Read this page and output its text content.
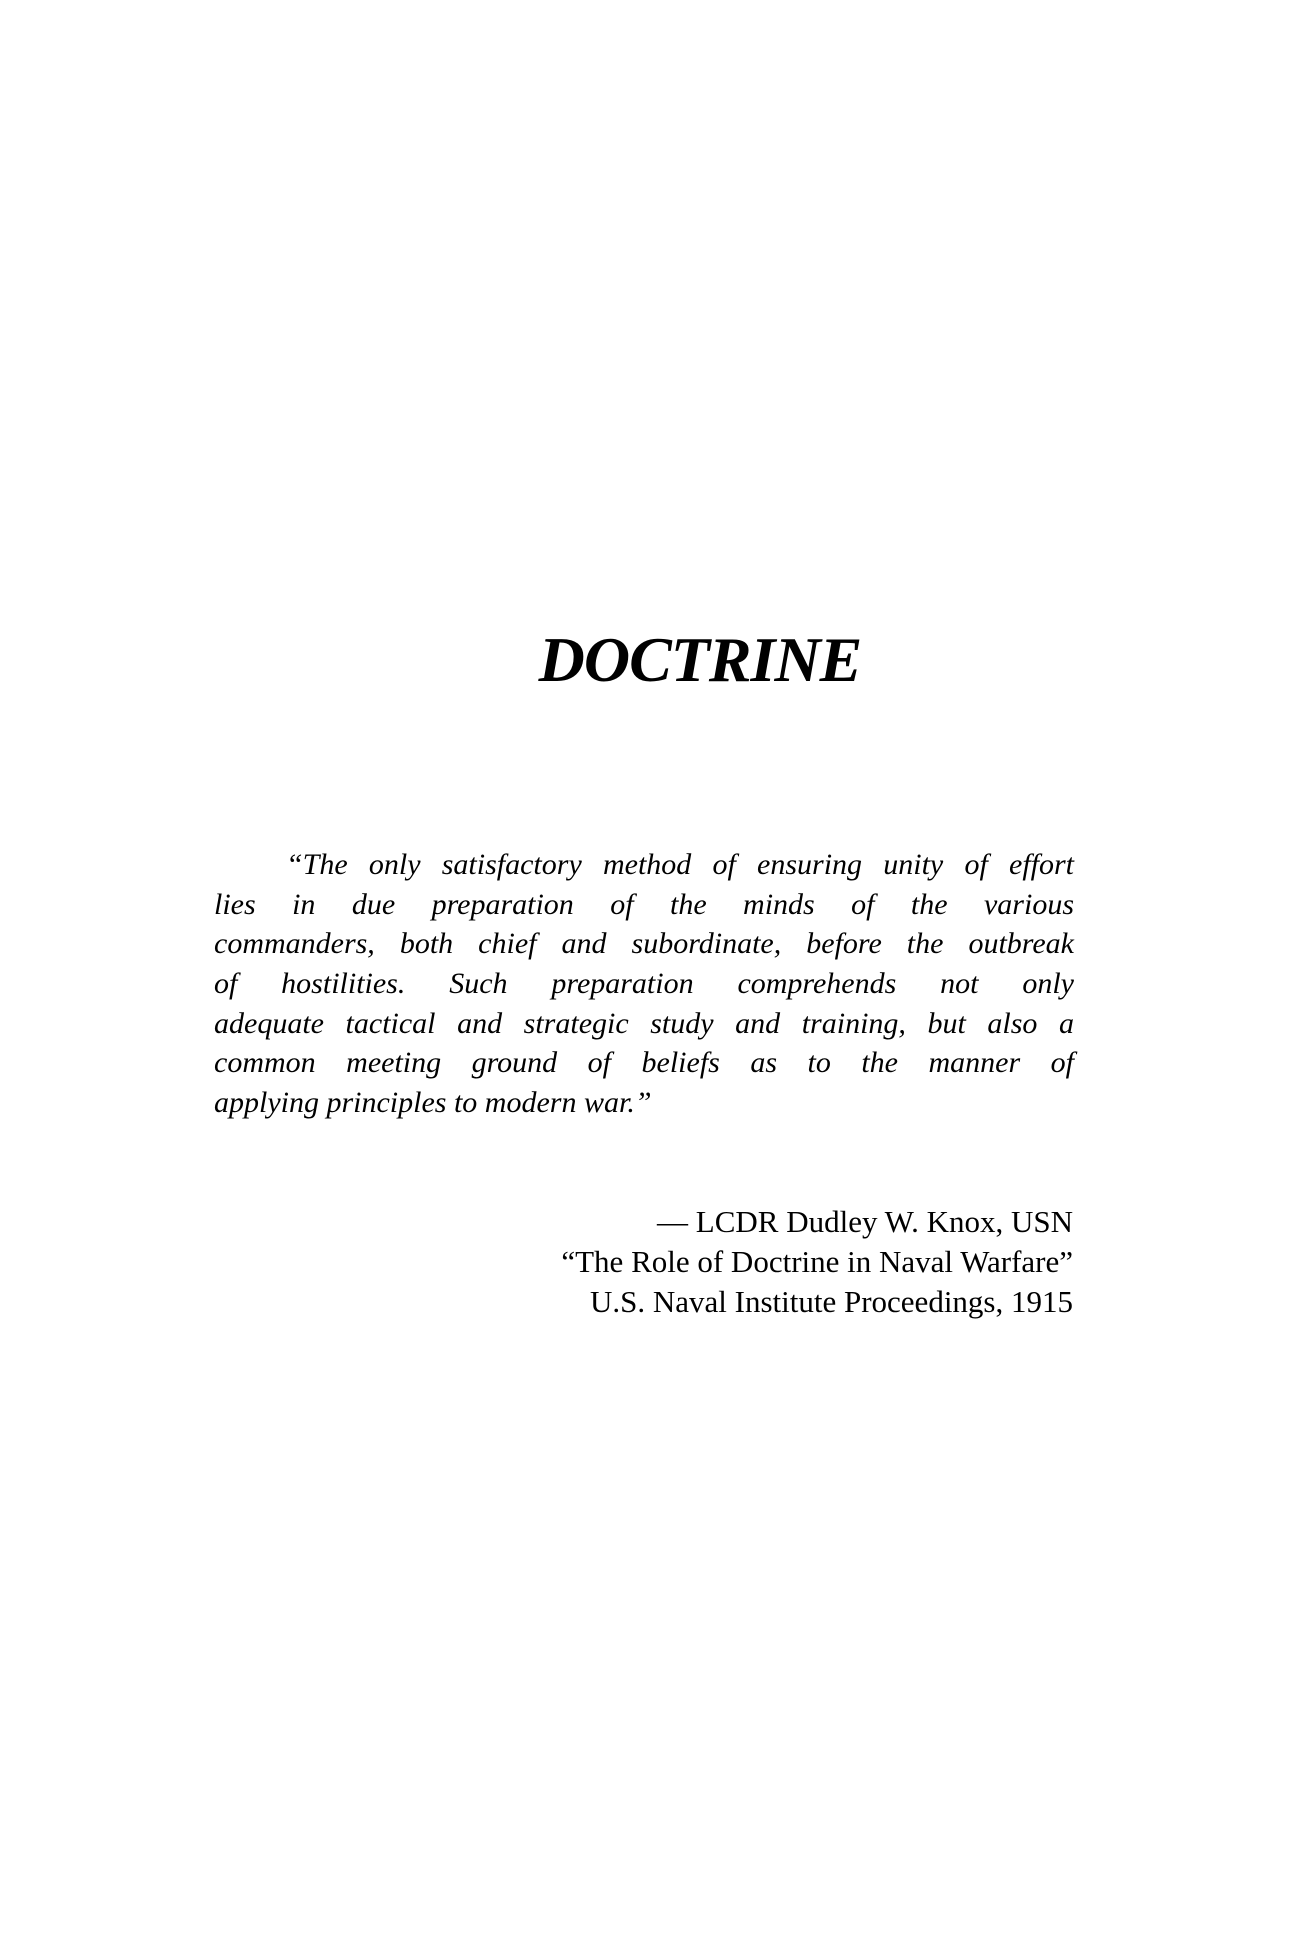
DOCTRINE
“The only satisfactory method of ensuring unity of effort
lies in due preparation of the minds of the various
commanders, both chief and subordinate, before the outbreak
of hostilities. Such preparation comprehends not only
adequate tactical and strategic study and training, but also a
common meeting ground of beliefs as to the manner of
applying principles to modern war.”
— LCDR Dudley W. Knox, USN
“The Role of Doctrine in Naval Warfare”
U.S. Naval Institute Proceedings, 1915
